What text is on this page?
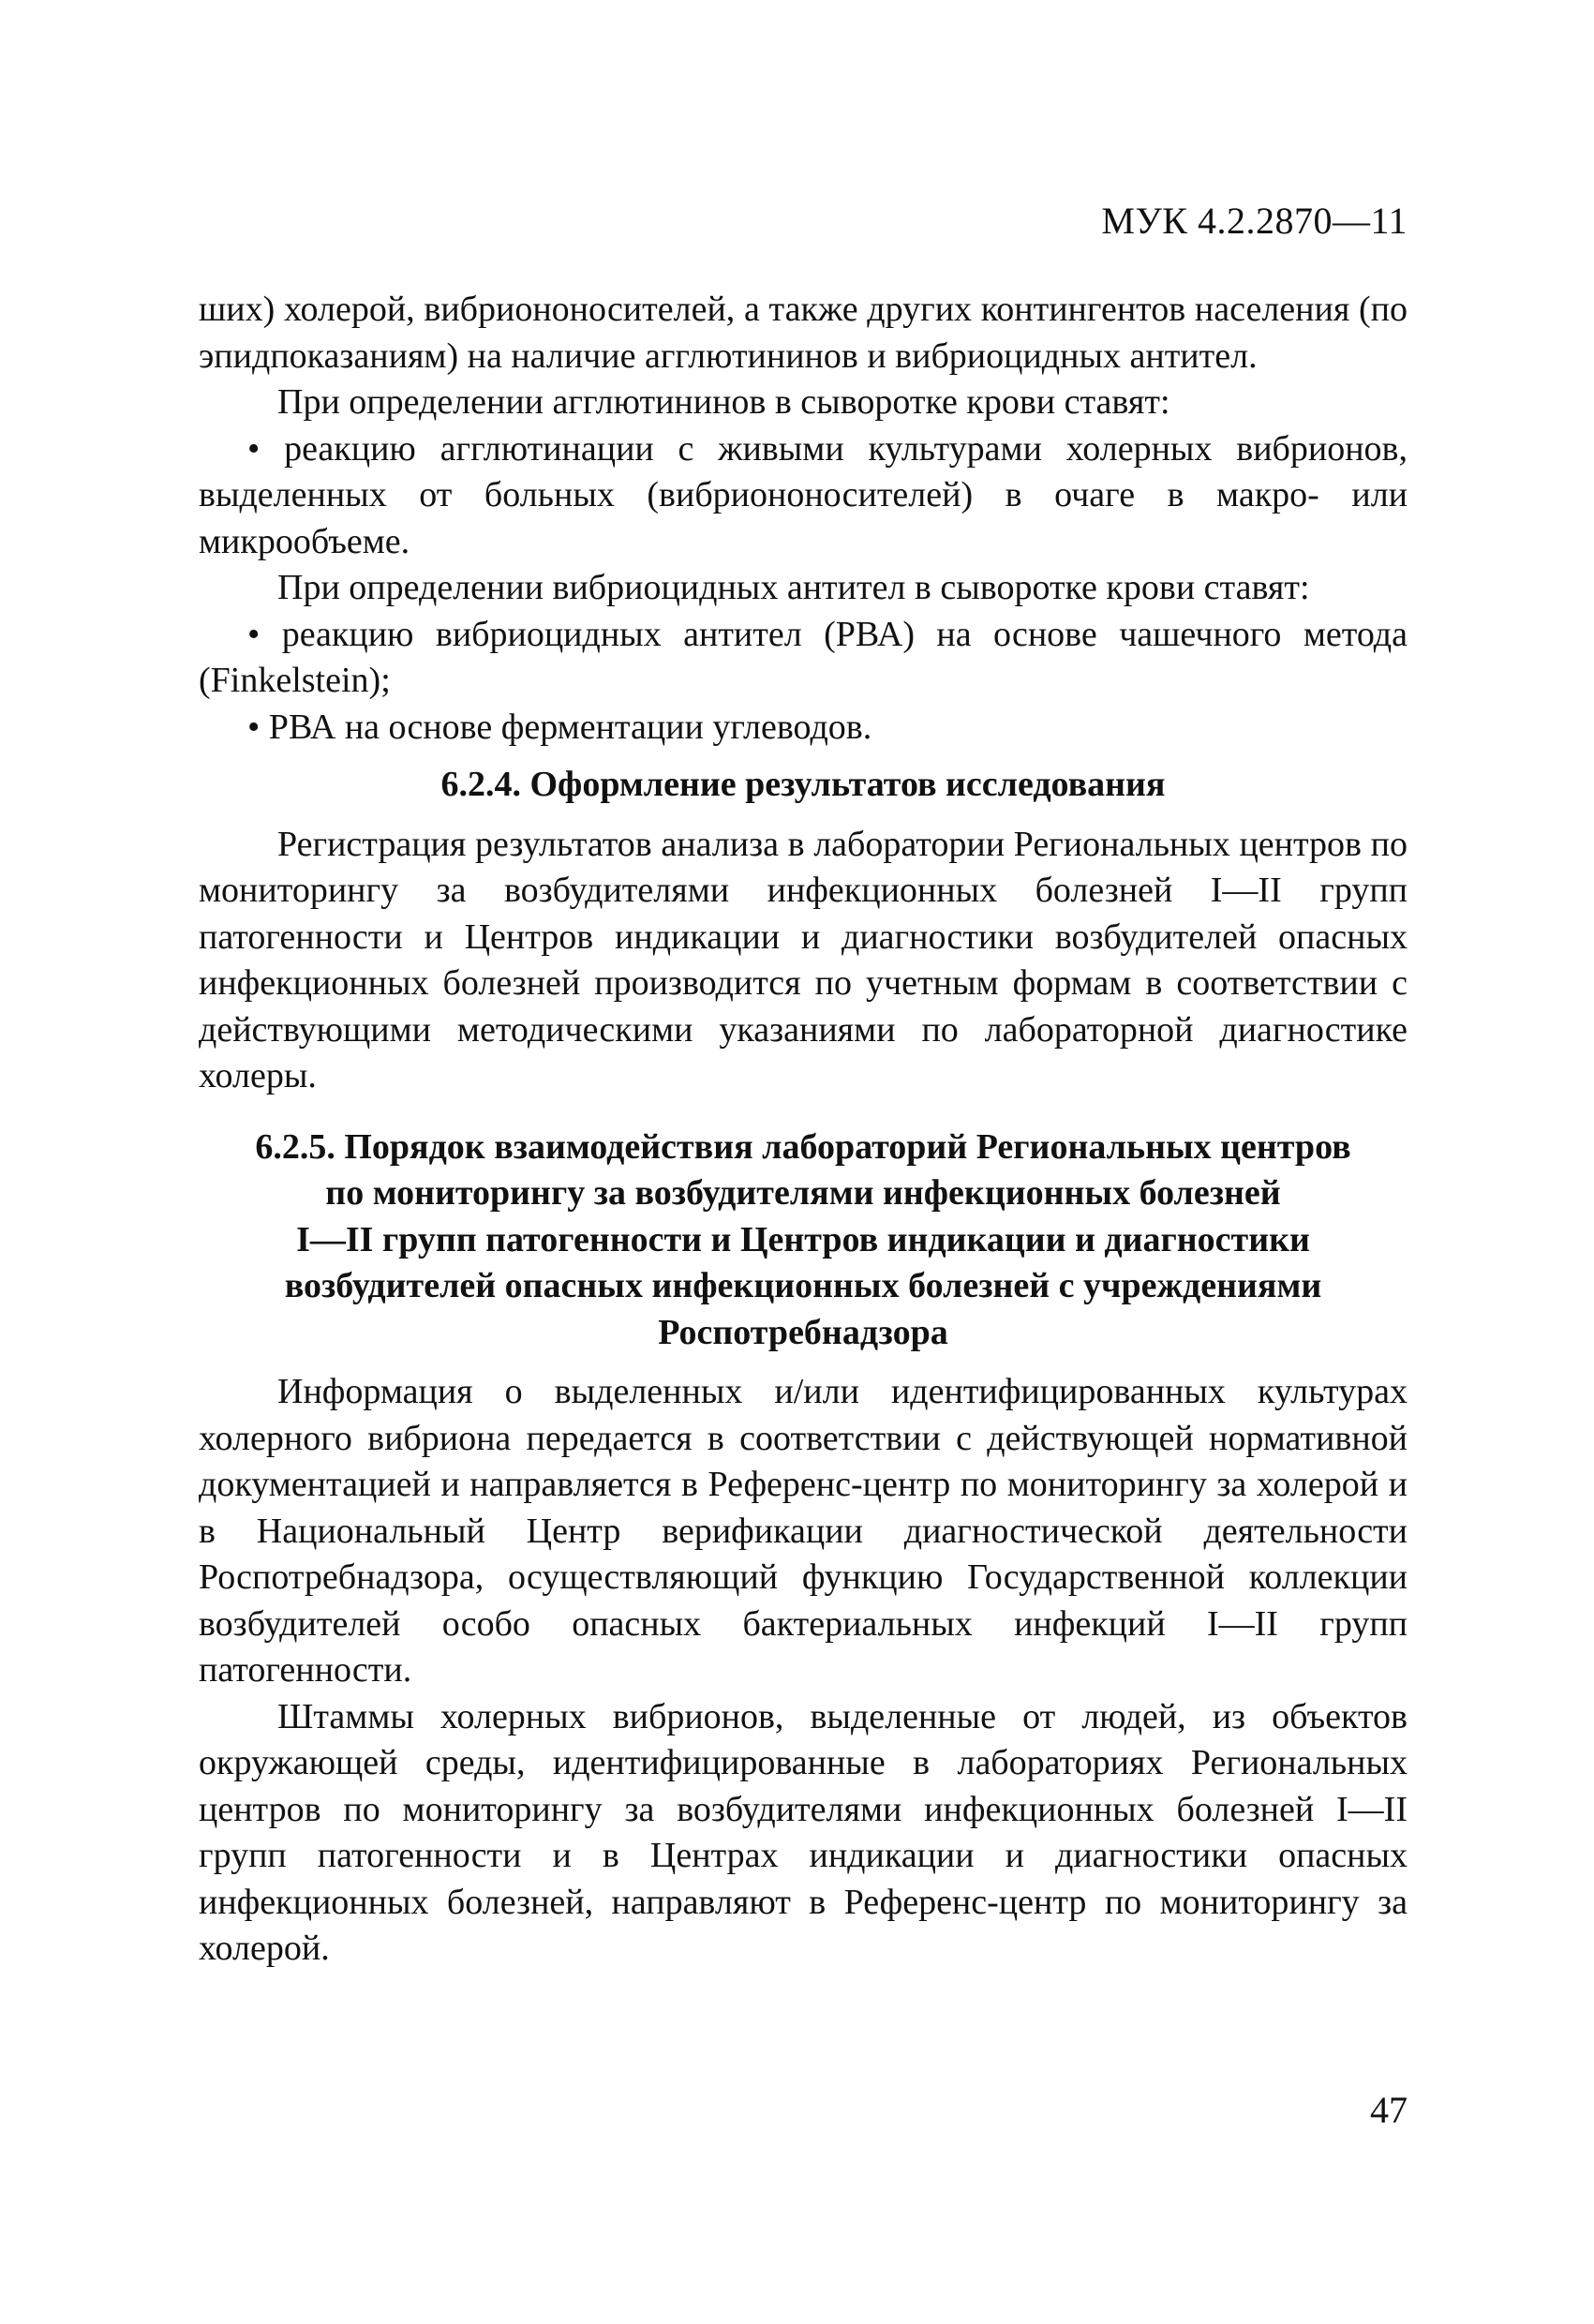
МУК 4.2.2870—11

ших) холерой, вибриононосителей, а также других контингентов населения (по эпидпоказаниям) на наличие агглютининов и вибриоцидных антител.

При определении агглютининов в сыворотке крови ставят:

• реакцию агглютинации с живыми культурами холерных вибрионов, выделенных от больных (вибриононосителей) в очаге в макро- или микрообъеме.

При определении вибриоцидных антител в сыворотке крови ставят:

• реакцию вибриоцидных антител (РВА) на основе чашечного метода (Finkelstein);

• РВА на основе ферментации углеводов.

6.2.4. Оформление результатов исследования

Регистрация результатов анализа в лаборатории Региональных центров по мониторингу за возбудителями инфекционных болезней I—II групп патогенности и Центров индикации и диагностики возбудителей опасных инфекционных болезней производится по учетным формам в соответствии с действующими методическими указаниями по лабораторной диагностике холеры.

6.2.5. Порядок взаимодействия лабораторий Региональных центров
по мониторингу за возбудителями инфекционных болезней
I—II групп патогенности и Центров индикации и диагностики
возбудителей опасных инфекционных болезней с учреждениями
Роспотребнадзора

Информация о выделенных и/или идентифицированных культурах холерного вибриона передается в соответствии с действующей нормативной документацией и направляется в Референс-центр по мониторингу за холерой и в Национальный Центр верификации диагностической деятельности Роспотребнадзора, осуществляющий функцию Государственной коллекции возбудителей особо опасных бактериальных инфекций I—II групп патогенности.

Штаммы холерных вибрионов, выделенные от людей, из объектов окружающей среды, идентифицированные в лабораториях Региональных центров по мониторингу за возбудителями инфекционных болезней I—II групп патогенности и в Центрах индикации и диагностики опасных инфекционных болезней, направляют в Референс-центр по мониторингу за холерой.

47
